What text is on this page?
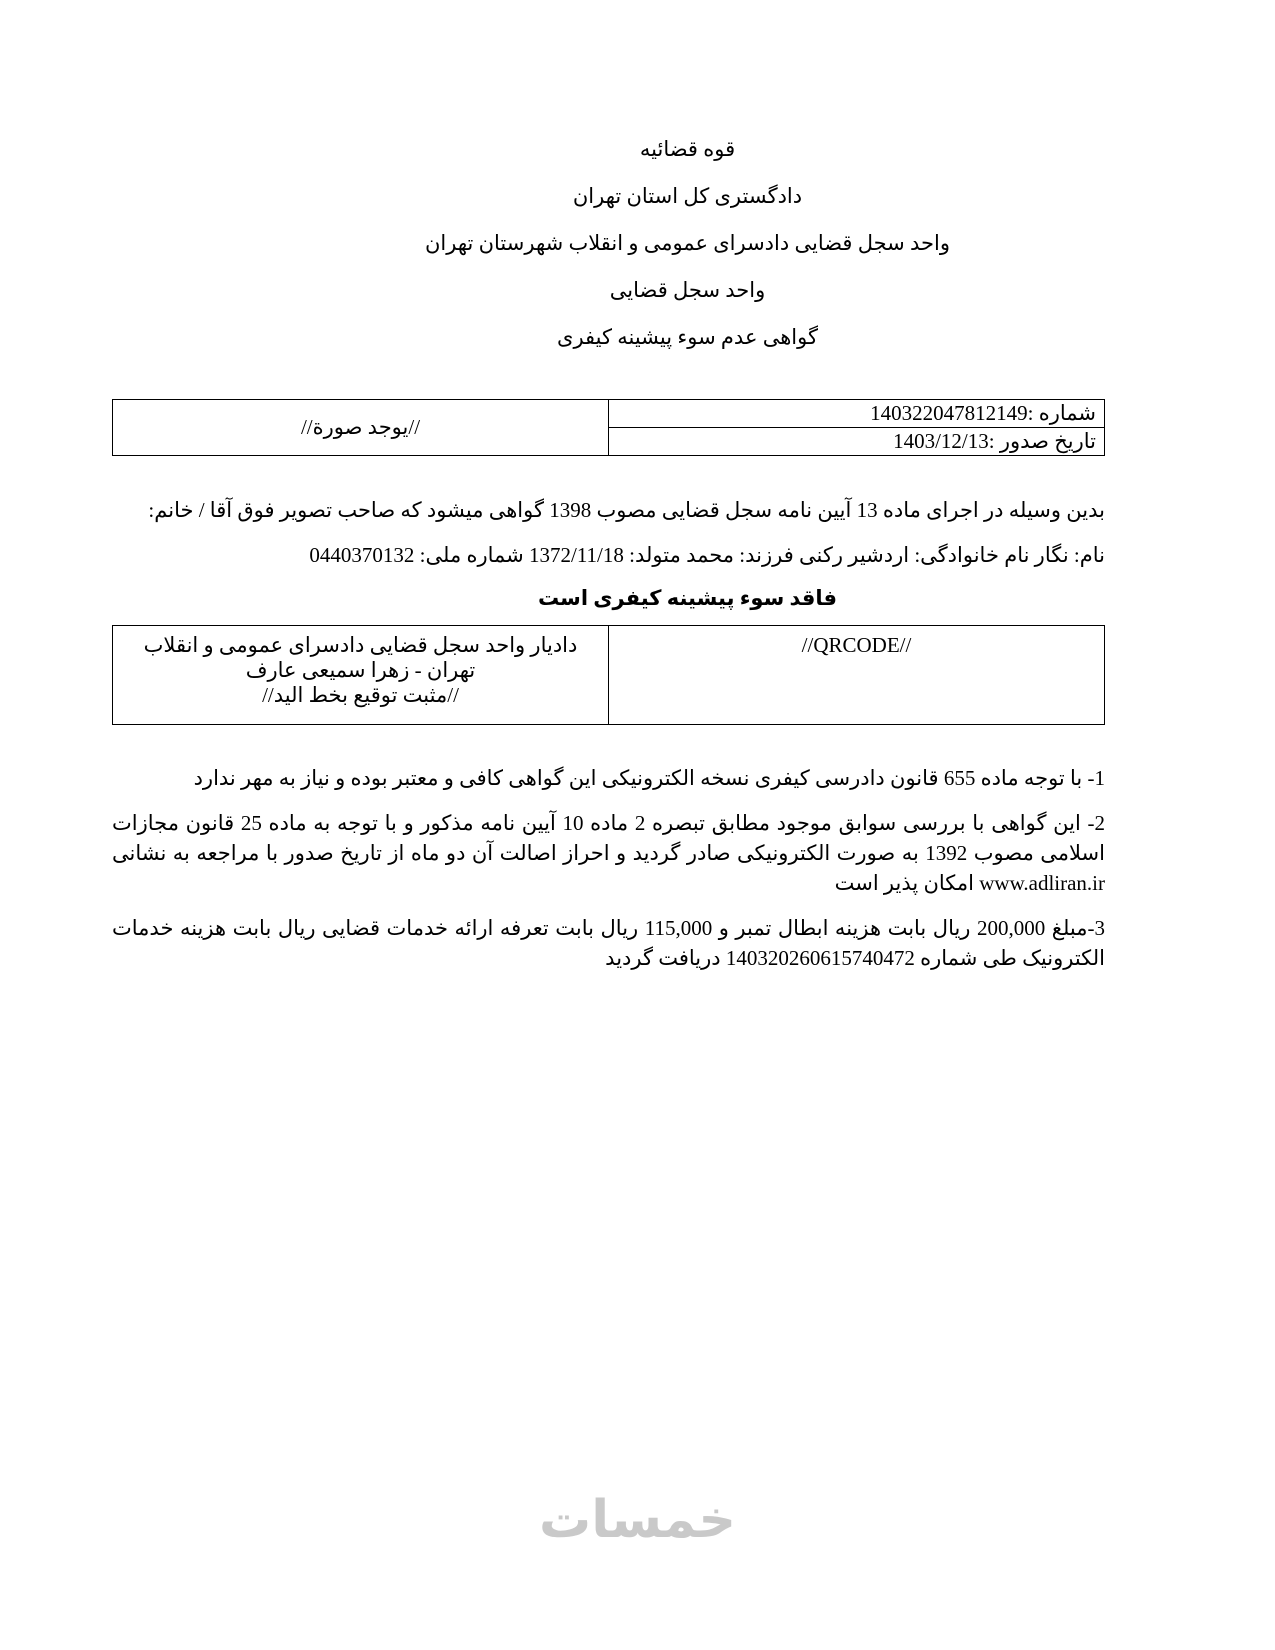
قوه قضائیه
دادگستری کل استان تهران
واحد سجل قضایی دادسرای عمومی و انقلاب شهرستان تهران
واحد سجل قضایی
گواهی عدم سوء پیشینه کیفری
شماره :140322047812149	//يوجد صورة//
تاریخ صدور :1403/12/13
بدین وسیله در اجرای ماده 13 آیین نامه سجل قضایی مصوب 1398 گواهی میشود که صاحب تصویر فوق آقا / خانم:
نام: نگار نام خانوادگی: اردشیر رکنی فرزند: محمد متولد: 1372/11/18 شماره ملی: 0440370132
فاقد سوء پیشینه کیفری است
//QRCODE//	
دادیار واحد سجل قضایی دادسرای عمومی و انقلاب
تهران - زهرا سمیعی عارف
//مثبت توقيع بخط اليد//
1- با توجه ماده 655 قانون دادرسی کیفری نسخه الکترونیکی این گواهی کافی و معتبر بوده و نیاز به مهر ندارد
2- این گواهی با بررسی سوابق موجود مطابق تبصره 2 ماده 10 آیین نامه مذکور و با توجه به ماده 25 قانون مجازات اسلامی مصوب 1392 به صورت الکترونیکی صادر گردید و احراز اصالت آن دو ماه از تاریخ صدور با مراجعه به نشانی www.adliran.ir امکان پذیر است
3-مبلغ 200,000 ریال بابت هزینه ابطال تمبر و 115,000 ریال بابت تعرفه ارائه خدمات قضایی ریال بابت هزینه خدمات الکترونیک طی شماره 140320260615740472 دریافت گردید
خمسات
